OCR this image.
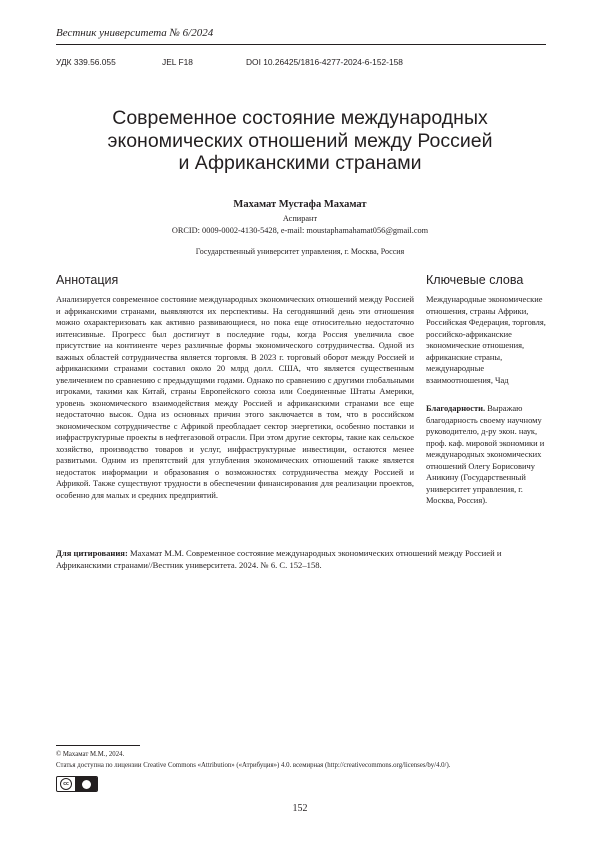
Вестник университета № 6/2024
УДК 339.56.055	JEL F18	DOI 10.26425/1816-4277-2024-6-152-158
Современное состояние международных
экономических отношений между Россией
и Африканскими странами
Махамат Мустафа Махамат
Аспирант
ORCID: 0009-0002-4130-5428, e-mail: moustaphamahamat056@gmail.com
Государственный университет управления, г. Москва, Россия
Аннотация	Ключевые слова

Анализируется современное состояние международных экономических отношений между Россией и африканскими странами, выявляются их перспективы. На сегодняшний день эти отношения можно охарактеризовать как активно развивающиеся, но пока еще относительно недостаточно интенсивные. Прогресс был достигнут в последние годы, когда Россия увеличила свое присутствие на континенте через различные формы экономического сотрудничества. Одной из важных областей сотрудничества является торговля. В 2023 г. торговый оборот между Россией и африканскими странами составил около 20 млрд долл. США, что является существенным увеличением по сравнению с предыдущими годами. Однако по сравнению с другими глобальными игроками, такими как Китай, страны Европейского союза или Соединенные Штаты Америки, уровень экономического взаимодействия между Россией и африканскими странами все еще недостаточно высок. Одна из основных причин этого заключается в том, что в российском экономическом сотрудничестве с Африкой преобладает сектор энергетики, особенно поставки и инфраструктурные проекты в нефтегазовой отрасли. При этом другие секторы, такие как сельское хозяйство, производство товаров и услуг, инфраструктурные инвестиции, остаются менее развитыми. Одним из препятствий для углубления экономических отношений также является недостаток информации и образования о возможностях сотрудничества между Россией и Африкой. Также существуют трудности в обеспечении финансирования для реализации проектов, особенно для малых и средних предприятий.

Международные экономические отношения, страны Африки, Российская Федерация, торговля, российско-африканские экономические отношения, африканские страны, международные взаимоотношения, Чад
Благодарности. Выражаю благодарность своему научному руководителю, д-ру экон. наук, проф. каф. мировой экономики и международных экономических отношений Олегу Борисовичу Аникину (Государственный университет управления, г. Москва, Россия).
Для цитирования: Махамат М.М. Современное состояние международных экономических отношений между Россией и Африканскими странами//Вестник университета. 2024. № 6. С. 152–158.
© Махамат М.М., 2024.
Статья доступна по лицензии Creative Commons «Attribution» («Атрибуция») 4.0. всемирная (http://creativecommons.org/licenses/by/4.0/).
cc
152
